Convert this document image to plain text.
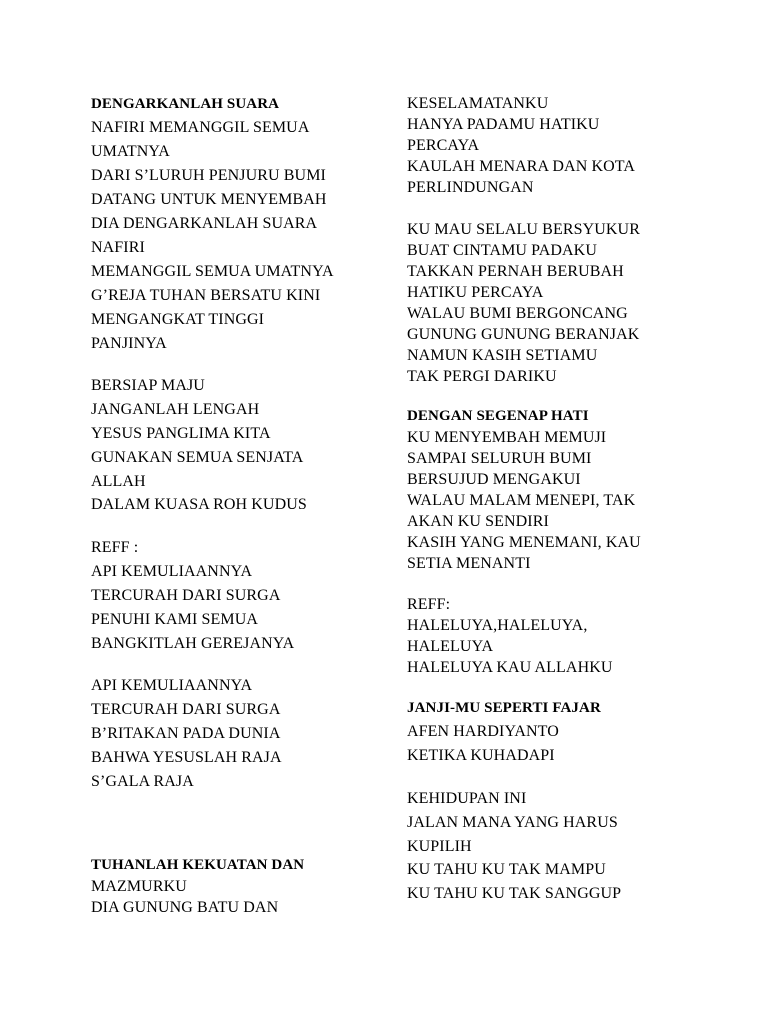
DENGARKANLAH SUARA
NAFIRI MEMANGGIL SEMUA
UMATNYA
DARI S’LURUH PENJURU BUMI
DATANG UNTUK MENYEMBAH
DIA DENGARKANLAH SUARA
NAFIRI
MEMANGGIL SEMUA UMATNYA
G’REJA TUHAN BERSATU KINI
MENGANGKAT TINGGI
PANJINYA
BERSIAP MAJU
JANGANLAH LENGAH
YESUS PANGLIMA KITA
GUNAKAN SEMUA SENJATA
ALLAH
DALAM KUASA ROH KUDUS
REFF :
API KEMULIAANNYA
TERCURAH DARI SURGA
PENUHI KAMI SEMUA
BANGKITLAH GEREJANYA
API KEMULIAANNYA
TERCURAH DARI SURGA
B’RITAKAN PADA DUNIA
BAHWA YESUSLAH RAJA
S’GALA RAJA
TUHANLAH KEKUATAN DAN
MAZMURKU
DIA GUNUNG BATU DAN
KESELAMATANKU
HANYA PADAMU HATIKU
PERCAYA
KAULAH MENARA DAN KOTA
PERLINDUNGAN
KU MAU SELALU BERSYUKUR
BUAT CINTAMU PADAKU
TAKKAN PERNAH BERUBAH
HATIKU PERCAYA
WALAU BUMI BERGONCANG
GUNUNG GUNUNG BERANJAK
NAMUN KASIH SETIAMU
TAK PERGI DARIKU
DENGAN SEGENAP HATI
KU MENYEMBAH MEMUJI
SAMPAI SELURUH BUMI
BERSUJUD MENGAKUI
WALAU MALAM MENEPI, TAK
AKAN KU SENDIRI
KASIH YANG MENEMANI, KAU
SETIA MENANTI
REFF:
HALELUYA,HALELUYA,
HALELUYA
HALELUYA KAU ALLAHKU
JANJI-MU SEPERTI FAJAR
AFEN HARDIYANTO
KETIKA KUHADAPI
KEHIDUPAN INI
JALAN MANA YANG HARUS
KUPILIH
KU TAHU KU TAK MAMPU
KU TAHU KU TAK SANGGUP
